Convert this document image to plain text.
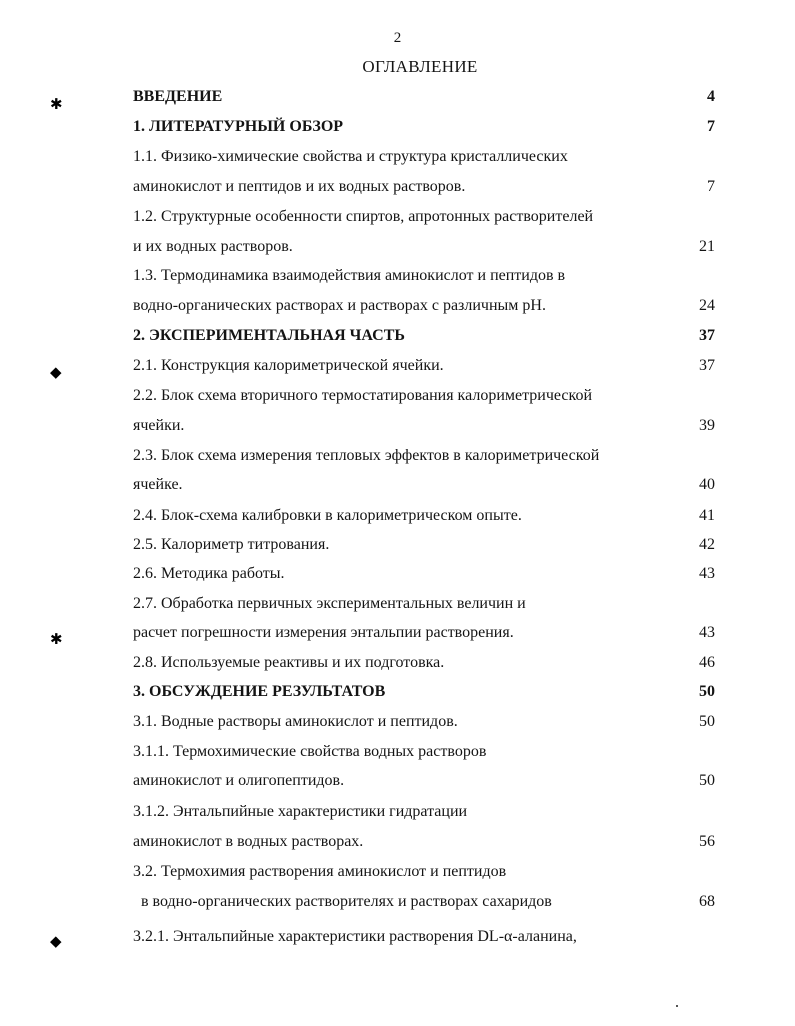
2
ОГЛАВЛЕНИЕ
ВВЕДЕНИЕ	4
1. ЛИТЕРАТУРНЫЙ ОБЗОР	7
1.1. Физико-химические свойства и структура кристаллических
аминокислот и пептидов и их водных растворов.	7
1.2. Структурные особенности спиртов, апротонных растворителей
и их водных растворов.	21
1.3. Термодинамика взаимодействия аминокислот и пептидов в
водно-органических растворах и растворах с различным pH.	24
2. ЭКСПЕРИМЕНТАЛЬНАЯ ЧАСТЬ	37
2.1. Конструкция калориметрической ячейки.	37
2.2. Блок схема вторичного термостатирования калориметрической
ячейки.	39
2.3. Блок схема измерения тепловых эффектов в калориметрической
ячейке.	40
2.4. Блок-схема калибровки в калориметрическом опыте.	41
2.5. Калориметр титрования.	42
2.6. Методика работы.	43
2.7. Обработка первичных экспериментальных величин и
расчет погрешности измерения энтальпии растворения.	43
2.8. Используемые реактивы и их подготовка.	46
3. ОБСУЖДЕНИЕ РЕЗУЛЬТАТОВ	50
3.1. Водные растворы аминокислот и пептидов.	50
3.1.1. Термохимические свойства водных растворов
аминокислот и олигопептидов.	50
3.1.2. Энтальпийные характеристики гидратации
аминокислот в водных растворах.	56
3.2. Термохимия растворения аминокислот и пептидов
в водно-органических растворителях и растворах сахаридов	68
3.2.1. Энтальпийные характеристики растворения DL-α-аланина,
✱
◆
✱
◆
